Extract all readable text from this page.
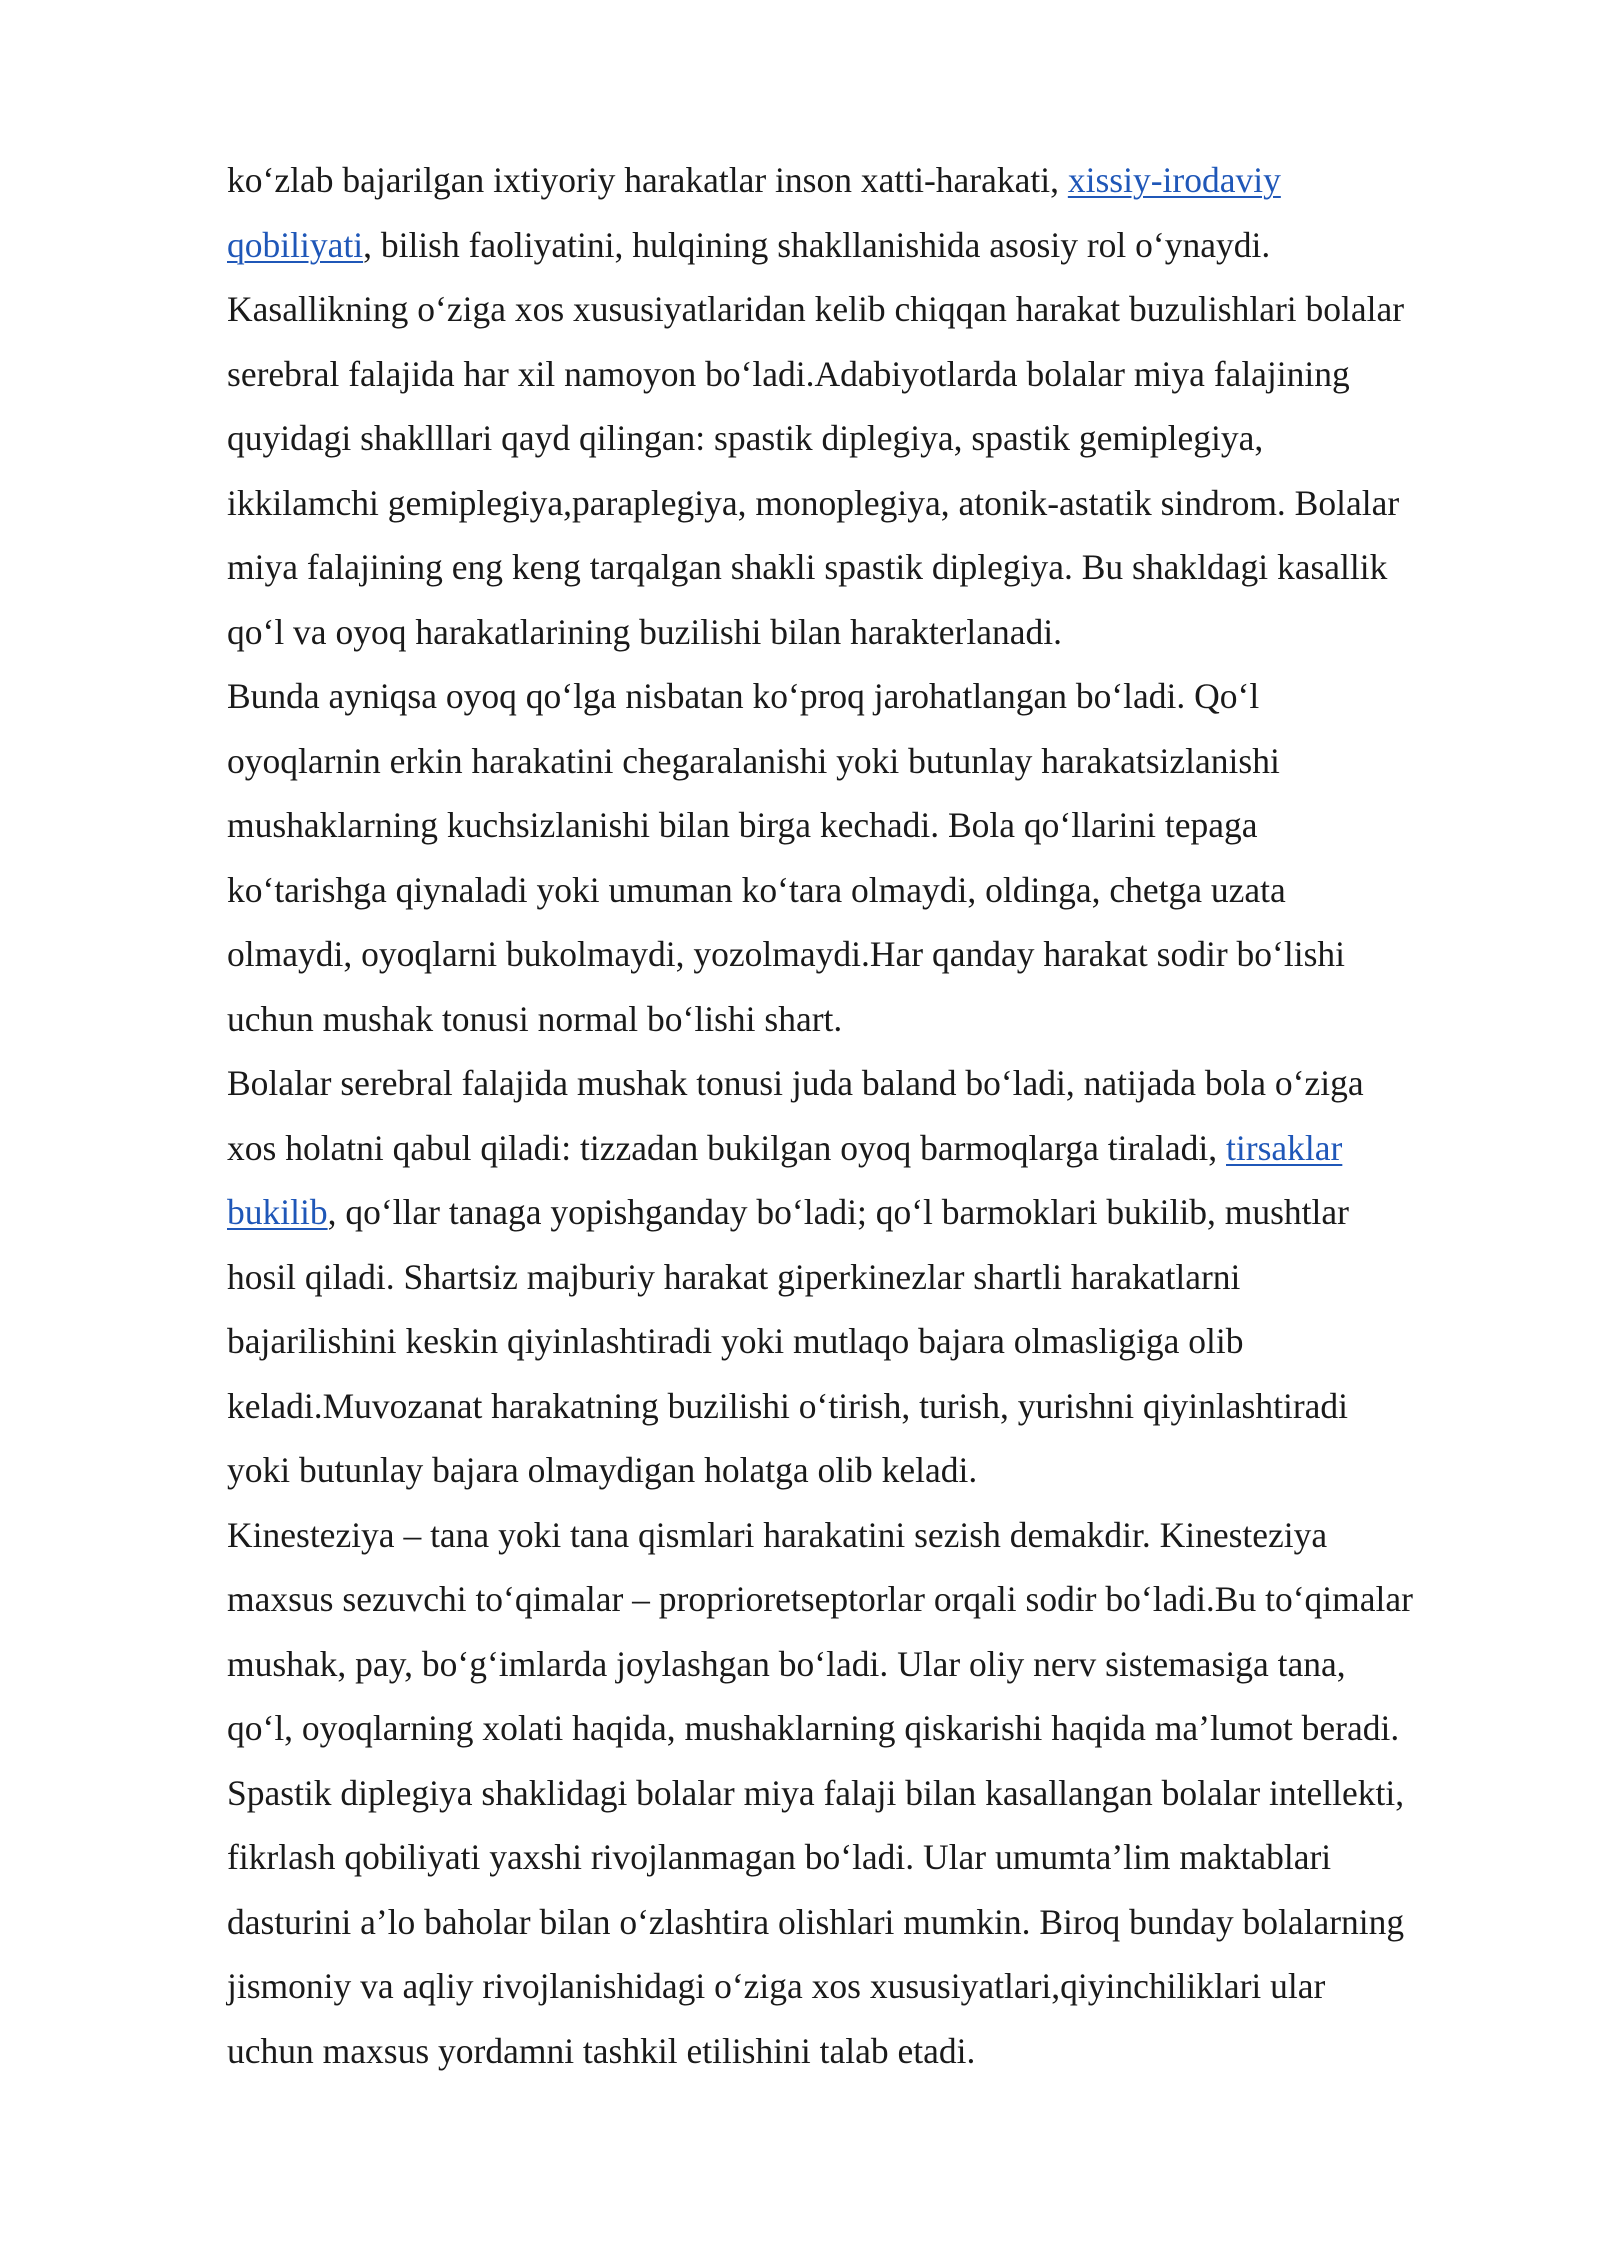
ko‘zlab bajarilgan ixtiyoriy harakatlar inson xatti-harakati, xissiy-irodaviy
qobiliyati, bilish faoliyatini, hulqining shakllanishida asosiy rol o‘ynaydi.
Kasallikning o‘ziga xos xususiyatlaridan kelib chiqqan harakat buzulishlari bolalar
serebral falajida har xil namoyon bo‘ladi.Adabiyotlarda bolalar miya falajining
quyidagi shaklllari qayd qilingan: spastik diplegiya, spastik gemiplegiya,
ikkilamchi gemiplegiya,paraplegiya, monoplegiya, atonik-astatik sindrom. Bolalar
miya falajining eng keng tarqalgan shakli spastik diplegiya. Bu shakldagi kasallik
qo‘l va oyoq harakatlarining buzilishi bilan harakterlanadi.
Bunda ayniqsa oyoq qo‘lga nisbatan ko‘proq jarohatlangan bo‘ladi. Qo‘l
oyoqlarnin erkin harakatini chegaralanishi yoki butunlay harakatsizlanishi
mushaklarning kuchsizlanishi bilan birga kechadi. Bola qo‘llarini tepaga
ko‘tarishga qiynaladi yoki umuman ko‘tara olmaydi, oldinga, chetga uzata
olmaydi, oyoqlarni bukolmaydi, yozolmaydi.Har qanday harakat sodir bo‘lishi
uchun mushak tonusi normal bo‘lishi shart.
Bolalar serebral falajida mushak tonusi juda baland bo‘ladi, natijada bola o‘ziga
xos holatni qabul qiladi: tizzadan bukilgan oyoq barmoqlarga tiraladi, tirsaklar
bukilib, qo‘llar tanaga yopishganday bo‘ladi; qo‘l barmoklari bukilib, mushtlar
hosil qiladi. Shartsiz majburiy harakat giperkinezlar shartli harakatlarni
bajarilishini keskin qiyinlashtiradi yoki mutlaqo bajara olmasligiga olib
keladi.Muvozanat harakatning buzilishi o‘tirish, turish, yurishni qiyinlashtiradi
yoki butunlay bajara olmaydigan holatga olib keladi.
Kinesteziya – tana yoki tana qismlari harakatini sezish demakdir. Kinesteziya
maxsus sezuvchi to‘qimalar – proprioretseptorlar orqali sodir bo‘ladi.Bu to‘qimalar
mushak, pay, bo‘g‘imlarda joylashgan bo‘ladi. Ular oliy nerv sistemasiga tana,
qo‘l, oyoqlarning xolati haqida, mushaklarning qiskarishi haqida ma’lumot beradi.
Spastik diplegiya shaklidagi bolalar miya falaji bilan kasallangan bolalar intellekti,
fikrlash qobiliyati yaxshi rivojlanmagan bo‘ladi. Ular umumta’lim maktablari
dasturini a’lo baholar bilan o‘zlashtira olishlari mumkin. Biroq bunday bolalarning
jismoniy va aqliy rivojlanishidagi o‘ziga xos xususiyatlari,qiyinchiliklari ular
uchun maxsus yordamni tashkil etilishini talab etadi.
